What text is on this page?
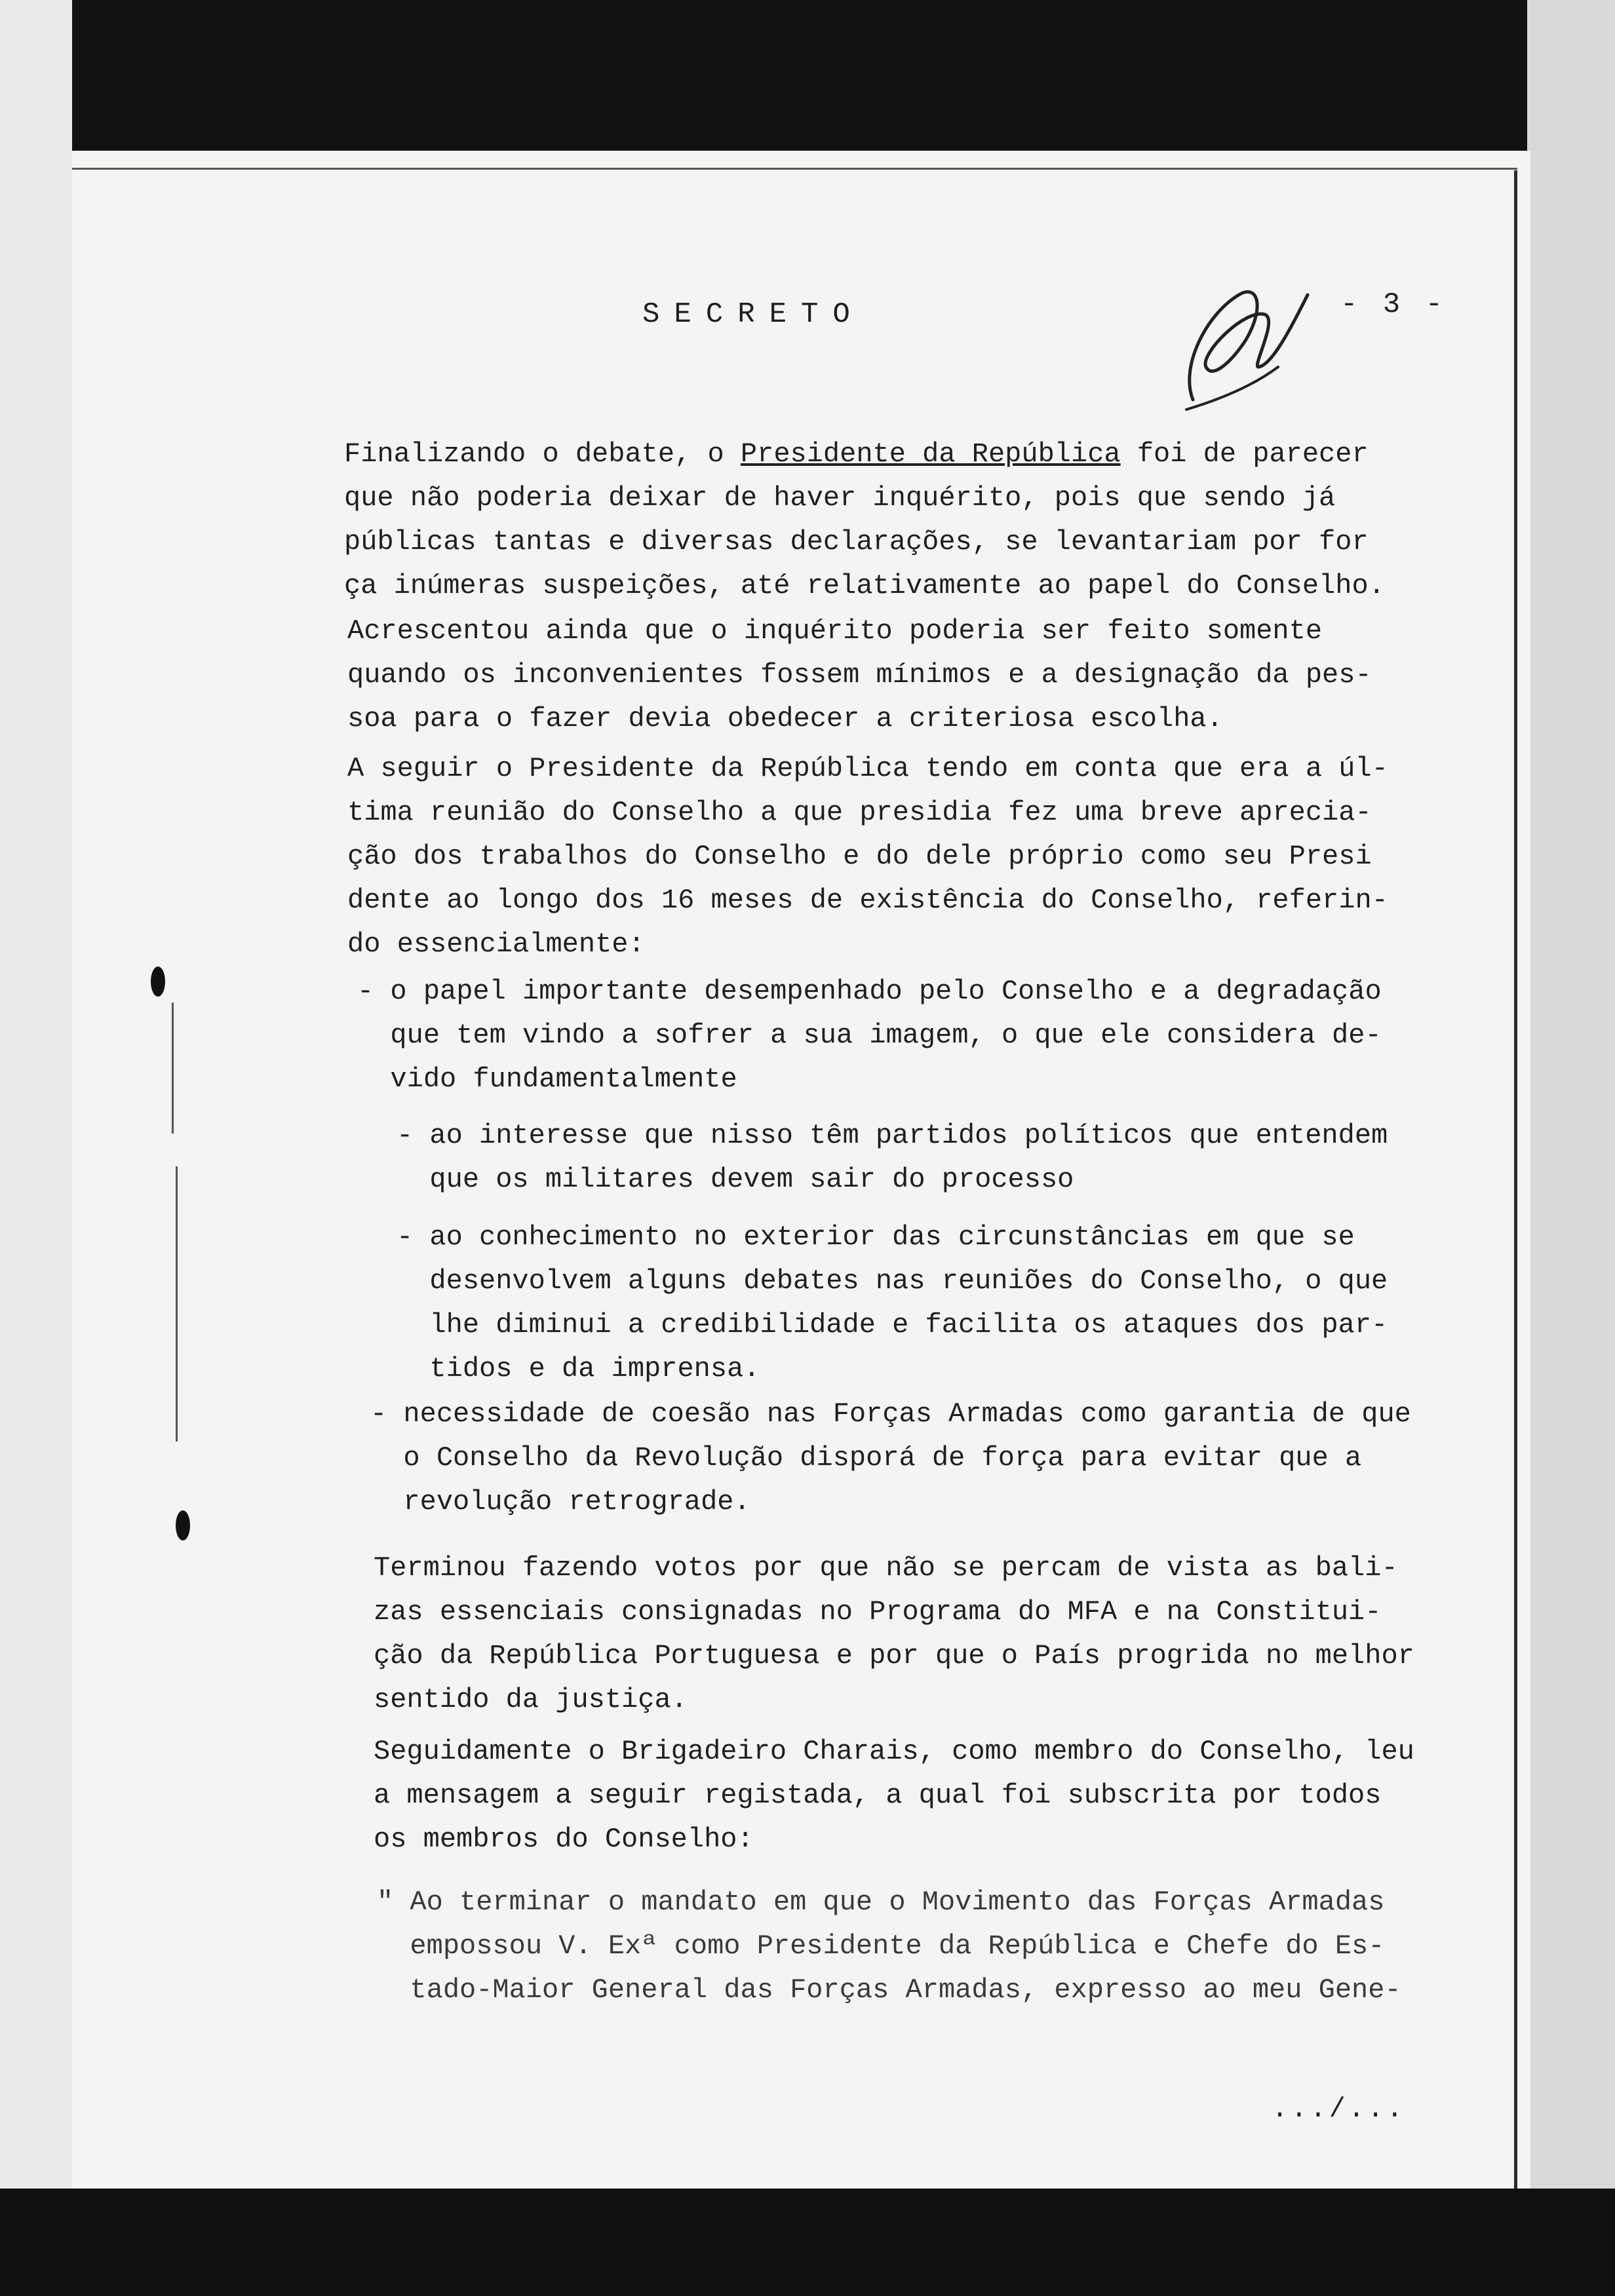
SECRETO	- 3 -
Finalizando o debate, o Presidente da República foi de parecer
que não poderia deixar de haver inquérito, pois que sendo já
públicas tantas e diversas declarações, se levantariam por for
ça inúmeras suspeições, até relativamente ao papel do Conselho.
Acrescentou ainda que o inquérito poderia ser feito somente
quando os inconvenientes fossem mínimos e a designação da pes-
soa para o fazer devia obedecer a criteriosa escolha.
A seguir o Presidente da República tendo em conta que era a úl-
tima reunião do Conselho a que presidia fez uma breve aprecia-
ção dos trabalhos do Conselho e do dele próprio como seu Presi
dente ao longo dos 16 meses de existência do Conselho, referin-
do essencialmente:
- o papel importante desempenhado pelo Conselho e a degradação
que tem vindo a sofrer a sua imagem, o que ele considera de-
vido fundamentalmente
- ao interesse que nisso têm partidos políticos que entendem
que os militares devem sair do processo
- ao conhecimento no exterior das circunstâncias em que se
desenvolvem alguns debates nas reuniões do Conselho, o que
lhe diminui a credibilidade e facilita os ataques dos par-
tidos e da imprensa.
- necessidade de coesão nas Forças Armadas como garantia de que
o Conselho da Revolução disporá de força para evitar que a
revolução retrograde.
Terminou fazendo votos por que não se percam de vista as bali-
zas essenciais consignadas no Programa do MFA e na Constitui-
ção da República Portuguesa e por que o País progrida no melhor
sentido da justiça.
Seguidamente o Brigadeiro Charais, como membro do Conselho, leu
a mensagem a seguir registada, a qual foi subscrita por todos
os membros do Conselho:
" Ao terminar o mandato em que o Movimento das Forças Armadas
empossou V. Exª como Presidente da República e Chefe do Es-
tado-Maior General das Forças Armadas, expresso ao meu Gene-
.../...
